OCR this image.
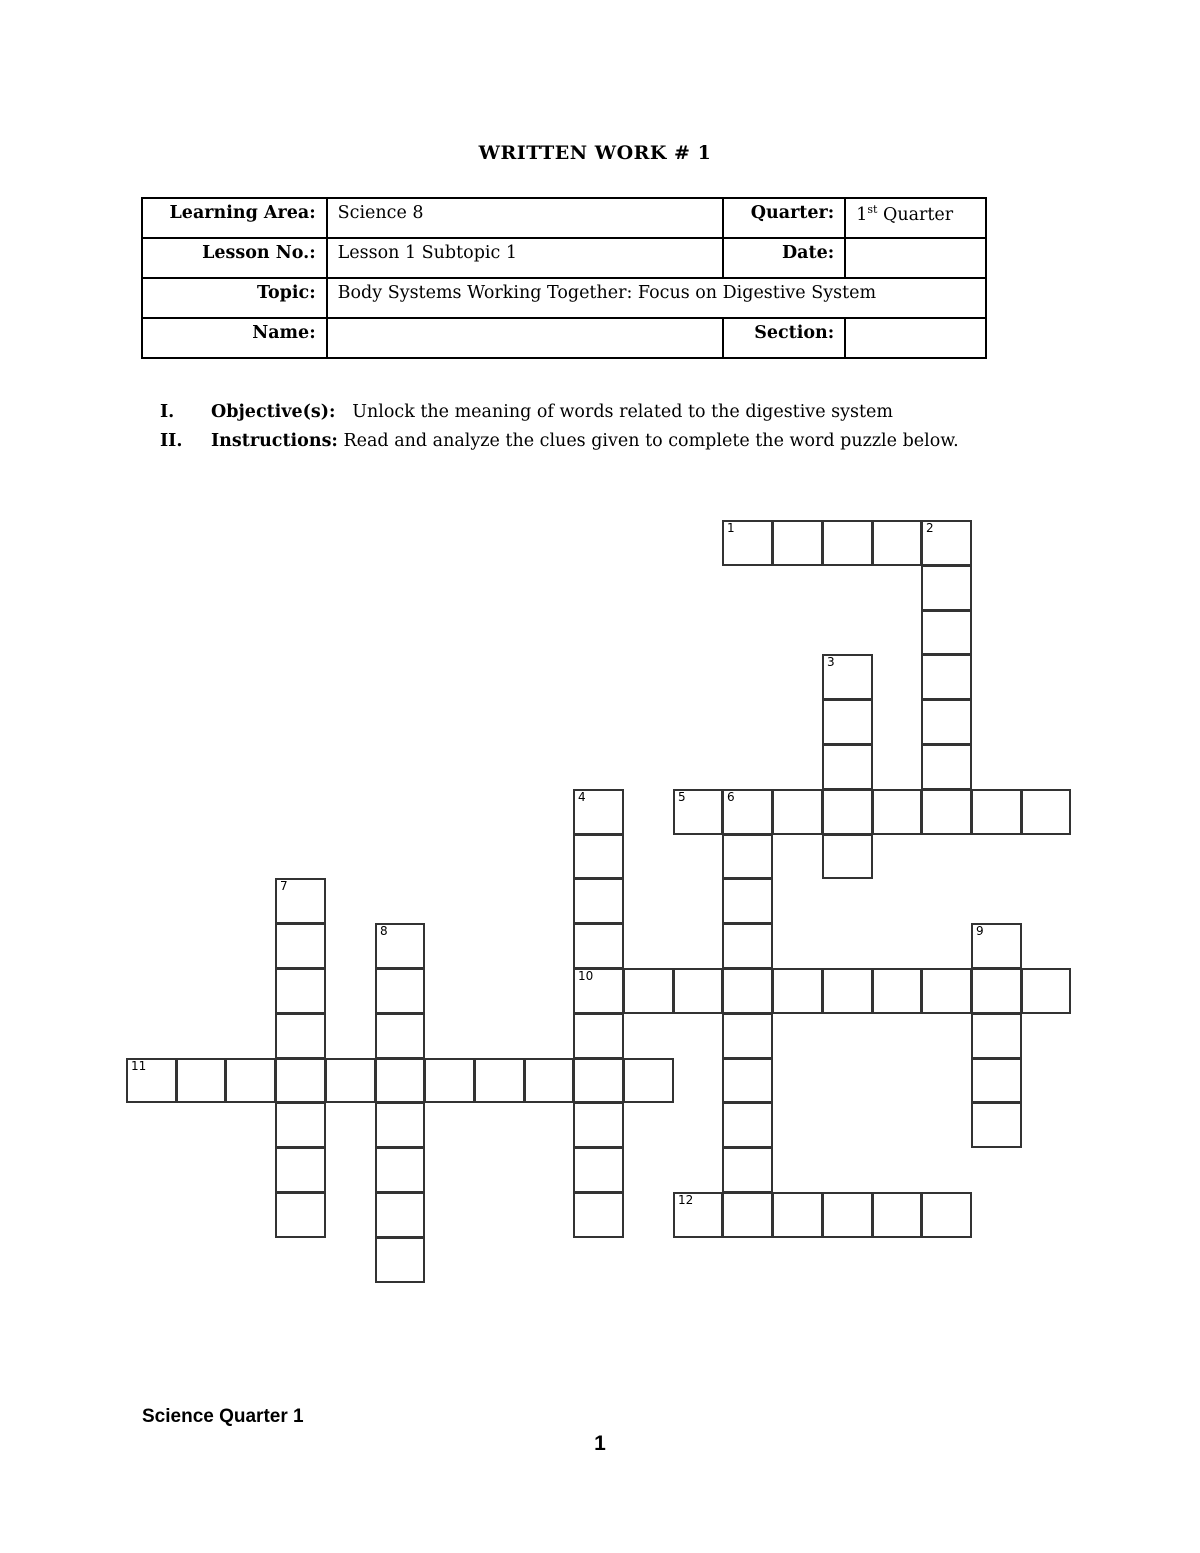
WRITTEN WORK # 1
Learning Area:	Science 8	Quarter:	1st Quarter
Lesson No.:	Lesson 1 Subtopic 1	Date:	
Topic:	Body Systems Working Together: Focus on Digestive System		
Name:		Section:	
I. Objective(s): Unlock the meaning of words related to the digestive system
II. Instructions: Read and analyze the clues given to complete the word puzzle below.
1	2
3
4
10
5	6
7
8	9
11
12
Science Quarter 1
1
